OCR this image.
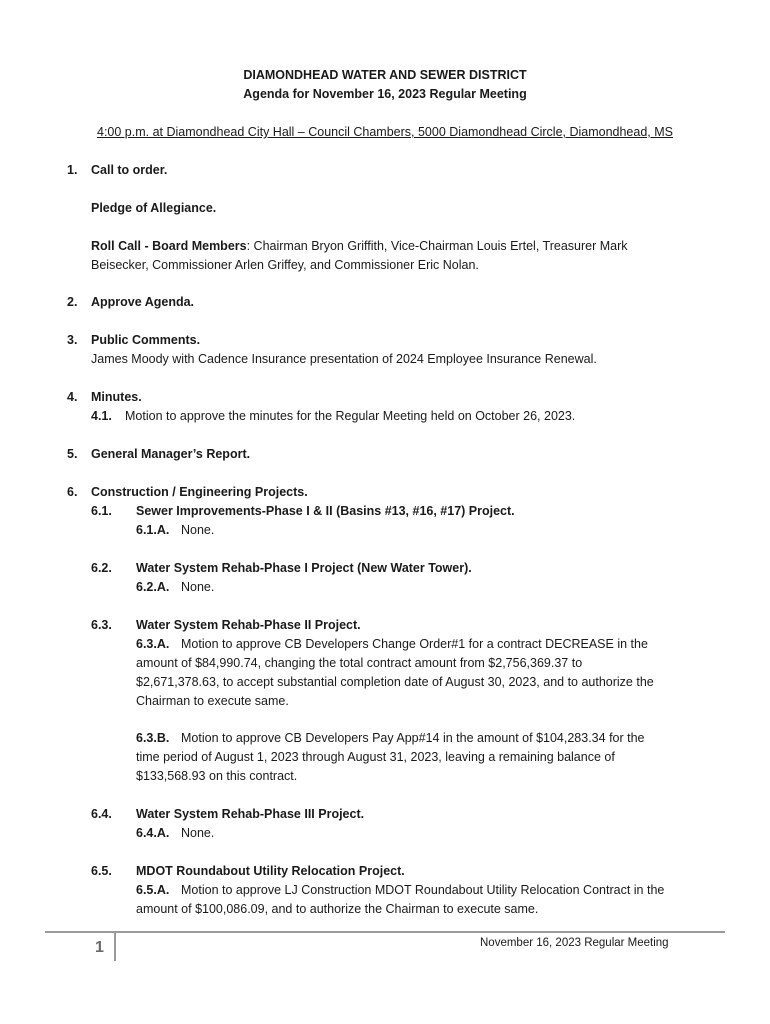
DIAMONDHEAD WATER AND SEWER DISTRICT
Agenda for November 16, 2023 Regular Meeting
4:00 p.m. at Diamondhead City Hall – Council Chambers, 5000 Diamondhead Circle, Diamondhead, MS
1. Call to order.
Pledge of Allegiance.
Roll Call - Board Members: Chairman Bryon Griffith, Vice-Chairman Louis Ertel, Treasurer Mark
Beisecker, Commissioner Arlen Griffey, and Commissioner Eric Nolan.
2. Approve Agenda.
3. Public Comments.
James Moody with Cadence Insurance presentation of 2024 Employee Insurance Renewal.
4. Minutes.
4.1. Motion to approve the minutes for the Regular Meeting held on October 26, 2023.
5. General Manager’s Report.
6. Construction / Engineering Projects.
6.1. Sewer Improvements-Phase I & II (Basins #13, #16, #17) Project.
6.1.A. None.
6.2. Water System Rehab-Phase I Project (New Water Tower).
6.2.A. None.
6.3. Water System Rehab-Phase II Project.
6.3.A. Motion to approve CB Developers Change Order#1 for a contract DECREASE in the
amount of $84,990.74, changing the total contract amount from $2,756,369.37 to
$2,671,378.63, to accept substantial completion date of August 30, 2023, and to authorize the
Chairman to execute same.
6.3.B. Motion to approve CB Developers Pay App#14 in the amount of $104,283.34 for the
time period of August 1, 2023 through August 31, 2023, leaving a remaining balance of
$133,568.93 on this contract.
6.4. Water System Rehab-Phase III Project.
6.4.A. None.
6.5. MDOT Roundabout Utility Relocation Project.
6.5.A. Motion to approve LJ Construction MDOT Roundabout Utility Relocation Contract in the
amount of $100,086.09, and to authorize the Chairman to execute same.
1	November 16, 2023 Regular Meeting
